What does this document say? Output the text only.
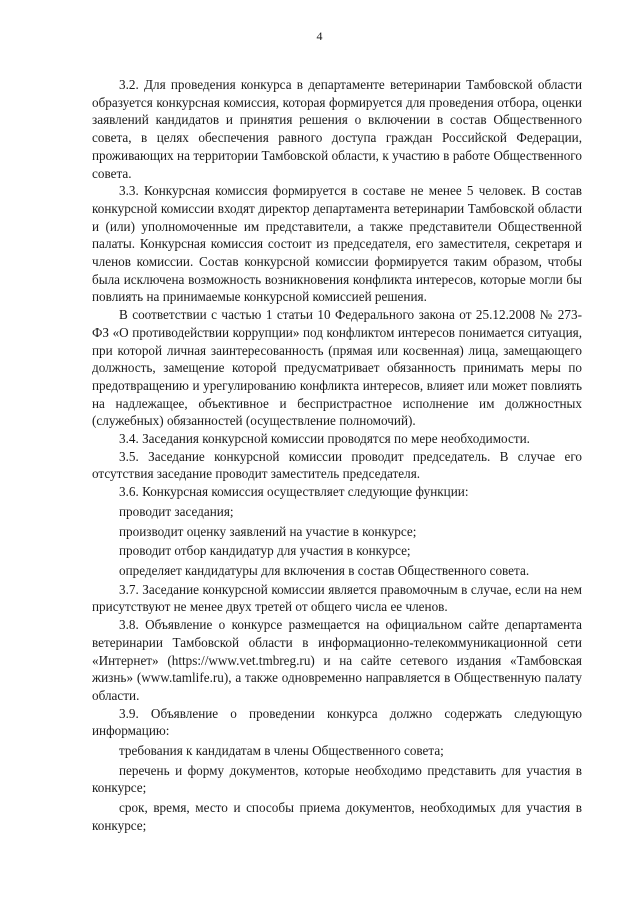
4

3.2. Для проведения конкурса в департаменте ветеринарии Тамбовской области образуется конкурсная комиссия, которая формируется для проведения отбора, оценки заявлений кандидатов и принятия решения о включении в состав Общественного совета, в целях обеспечения равного доступа граждан Российской Федерации, проживающих на территории Тамбовской области, к участию в работе Общественного совета.

3.3. Конкурсная комиссия формируется в составе не менее 5 человек. В состав конкурсной комиссии входят директор департамента ветеринарии Тамбовской области и (или) уполномоченные им представители, а также представители Общественной палаты. Конкурсная комиссия состоит из председателя, его заместителя, секретаря и членов комиссии. Состав конкурсной комиссии формируется таким образом, чтобы была исключена возможность возникновения конфликта интересов, которые могли бы повлиять на принимаемые конкурсной комиссией решения.

В соответствии с частью 1 статьи 10 Федерального закона от 25.12.2008 № 273-ФЗ «О противодействии коррупции» под конфликтом интересов понимается ситуация, при которой личная заинтересованность (прямая или косвенная) лица, замещающего должность, замещение которой предусматривает обязанность принимать меры по предотвращению и урегулированию конфликта интересов, влияет или может повлиять на надлежащее, объективное и беспристрастное исполнение им должностных (служебных) обязанностей (осуществление полномочий).

3.4. Заседания конкурсной комиссии проводятся по мере необходимости.

3.5. Заседание конкурсной комиссии проводит председатель. В случае его отсутствия заседание проводит заместитель председателя.

3.6. Конкурсная комиссия осуществляет следующие функции:

проводит заседания;

производит оценку заявлений на участие в конкурсе;

проводит отбор кандидатур для участия в конкурсе;

определяет кандидатуры для включения в состав Общественного совета.

3.7. Заседание конкурсной комиссии является правомочным в случае, если на нем присутствуют не менее двух третей от общего числа ее членов.

3.8. Объявление о конкурсе размещается на официальном сайте департамента ветеринарии Тамбовской области в информационно-телекоммуникационной сети «Интернет» (https://www.vet.tmbreg.ru) и на сайте сетевого издания «Тамбовская жизнь» (www.tamlife.ru), а также одновременно направляется в Общественную палату области.

3.9. Объявление о проведении конкурса должно содержать следующую информацию:

требования к кандидатам в члены Общественного совета;

перечень и форму документов, которые необходимо представить для участия в конкурсе;

срок, время, место и способы приема документов, необходимых для участия в конкурсе;
